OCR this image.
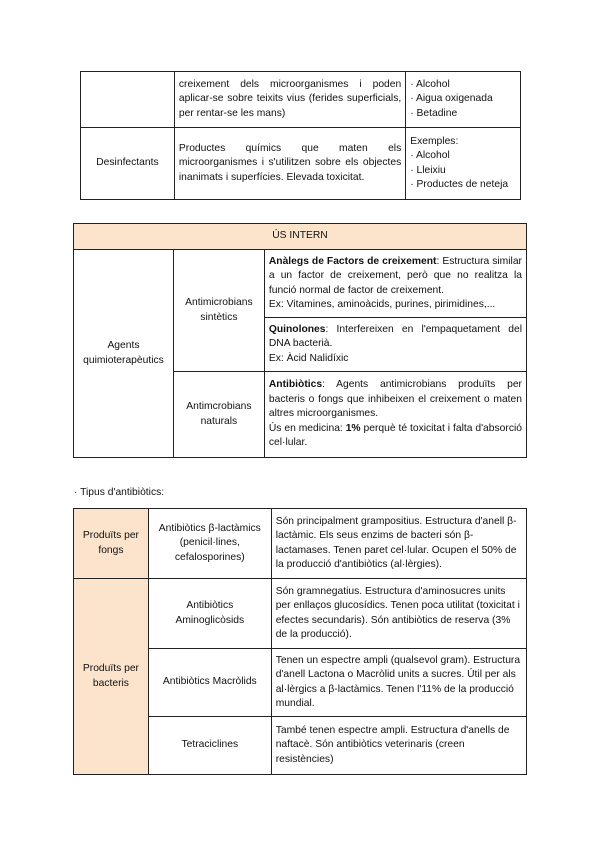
	creixement dels microorganismes i poden aplicar-se sobre teixits vius (ferides superficials, per rentar-se les mans)	· Alcohol
· Aigua oxigenada
· Betadine

Desinfectants	Productes químics que maten els microorganismes i s'utilitzen sobre els objectes inanimats i superfícies. Elevada toxicitat.	Exemples:
· Alcohol
· Lleixiu
· Productes de neteja
ÚS INTERN		
Agents quimioterapèutics	Antimicrobians sintètics	Anàlegs de Factors de creixement: Estructura similar a un factor de creixement, però que no realitza la funció normal de factor de creixement.
Ex: Vitamines, aminoàcids, purines, pirimidines,...

		Quinolones: Interfereixen en l'empaquetament del DNA bacterià.
Ex: Àcid Nalidíxic

	Antimcrobians naturals	Antibiòtics: Agents antimicrobians produïts per bacteris o fongs que inhibeixen el creixement o maten altres microorganismes.
Ús en medicina: 1% perquè té toxicitat i falta d'absorció cel·lular.
· Tipus d'antibiòtics:
Produïts per fongs	Antibiòtics β-lactàmics (penicil·lines, cefalosporines)	Són principalment grampositius. Estructura d'anell β-lactàmic. Els seus enzims de bacteri són β-lactamases. Tenen paret cel·lular. Ocupen el 50% de la producció d'antibiòtics (al·lèrgies).
Produïts per bacteris	Antibiòtics Aminoglicòsids	Són gramnegatius. Estructura d'aminosucres units per enllaços glucosídics. Tenen poca utilitat (toxicitat i efectes secundaris). Són antibiòtics de reserva (3% de la producció).
	Antibiòtics Macròlids	Tenen un espectre ampli (qualsevol gram). Estructura d'anell Lactona o Macròlid units a sucres. Útil per als al·lèrgics a β-lactàmics. Tenen l'11% de la producció mundial.
	Tetraciclines	També tenen espectre ampli. Estructura d'anells de naftacè. Són antibiòtics veterinaris (creen resistències)
